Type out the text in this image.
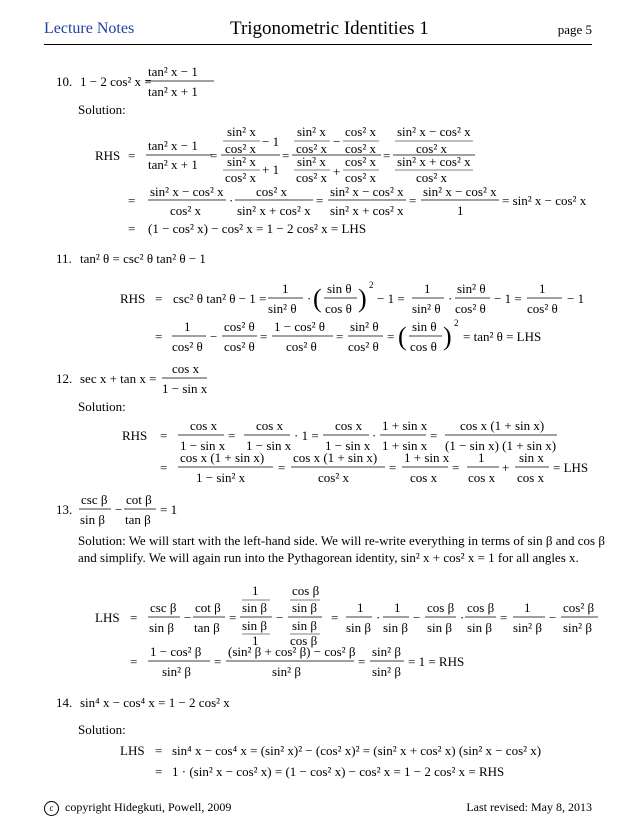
Lecture Notes	Trigonometric Identities 1	page 5
10. 1 − 2 cos² x =
tan² x − 1
tan² x + 1
Solution:
RHS =
tan² x − 1
tan² x + 1
=
sin² x
cos² x − 1
sin² x
cos² x
+ 1
=
sin² x
cos² x −
cos² x
cos² x
sin² x
cos² x +
cos² x
cos² x
=
sin² x − cos² x
cos² x
sin² x + cos² x
cos² x
=
sin² x − cos² x
cos² x
·
cos² x
sin² x + cos² x
=
sin² x − cos² x
sin² x + cos² x
=
sin² x − cos² x
1
= sin² x − cos² x
= (1 − cos² x) − cos² x = 1 − 2 cos² x = LHS
11. tan² θ = csc² θ tan² θ − 1
RHS = csc² θ tan² θ − 1 =
1
sin² θ
· ( sin θ
cos θ ) 2
− 1 =
1
sin² θ
·
sin² θ
cos² θ
− 1 =
1
cos² θ
− 1
=
1
cos² θ
−
cos² θ
cos² θ
=
1 − cos² θ
cos² θ
=
sin² θ
cos² θ
= ( sin θ
cos θ ) 2
= tan² θ = LHS
12. sec x + tan x =
cos x
1 − sin x
Solution:
RHS =
cos x
1 − sin x
=
cos x
1 − sin x
· 1 =
cos x
1 − sin x
·
1 + sin x
1 + sin x
=
cos x (1 + sin x)
(1 − sin x) (1 + sin x)
=
cos x (1 + sin x)
1 − sin² x
=
cos x (1 + sin x)
cos² x
=
1 + sin x
cos x
=
1
cos x
+
sin x
cos x
= LHS
13.
csc β
sin β
−
cot β
tan β
= 1
Solution: We will start with the left-hand side. We will re-write everything in terms of sin β and cos β and simplify. We will again run into the Pythagorean identity, sin² x + cos² x = 1 for all angles x.
LHS =
csc β
sin β
−
cot β
tan β
=
1
sin β
sin β
1
−
cos β
sin β
sin β
cos β
=
1
sin β
·
1
sin β
−
cos β
sin β
·
cos β
sin β
=
1
sin² β
−
cos² β
sin² β
=
1 − cos² β
sin² β
=
(sin² β + cos² β) − cos² β
sin² β
=
sin² β
sin² β
= 1 = RHS
14. sin⁴ x − cos⁴ x = 1 − 2 cos² x
Solution:
LHS = sin⁴ x − cos⁴ x = (sin² x)² − (cos² x)² = (sin² x + cos² x) (sin² x − cos² x)
= 1 · (sin² x − cos² x) = (1 − cos² x) − cos² x = 1 − 2 cos² x = RHS
c copyright Hidegkuti, Powell, 2009	Last revised: May 8, 2013
